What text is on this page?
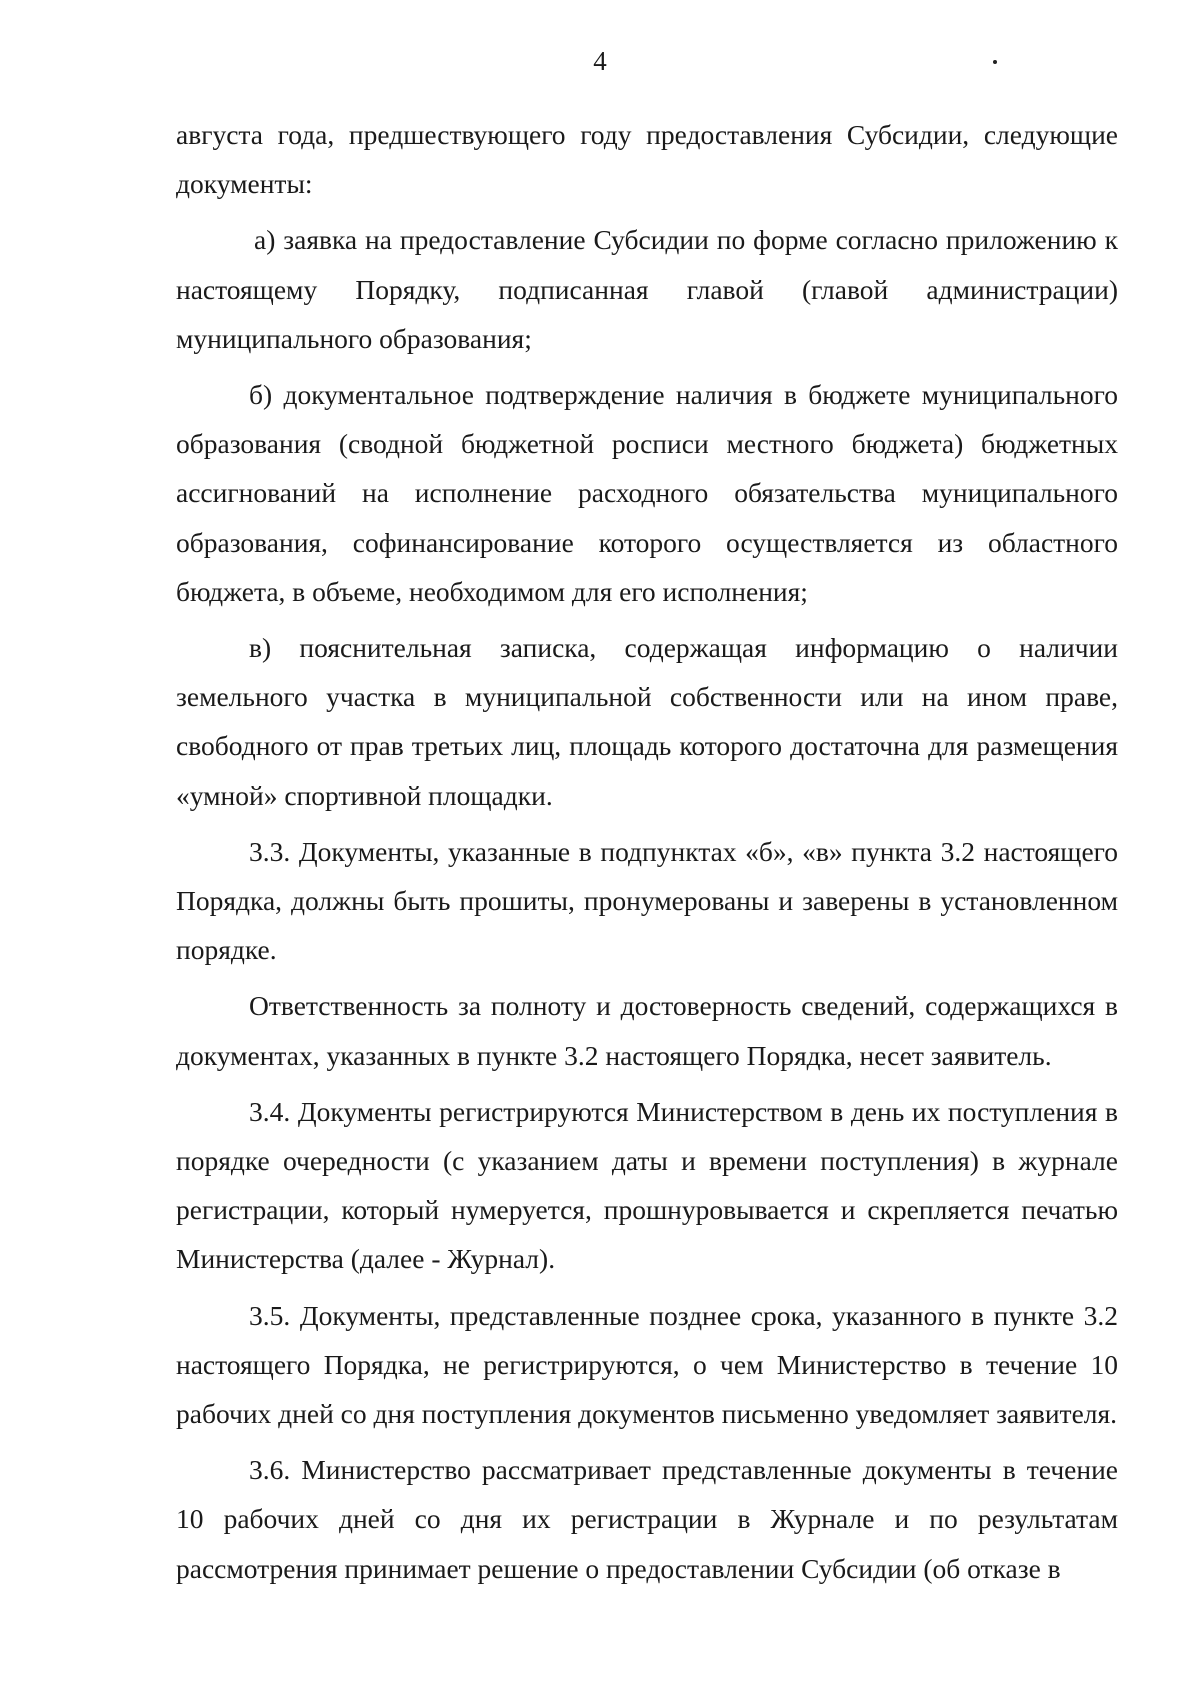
4

августа года, предшествующего году предоставления Субсидии, следующие документы:

а) заявка на предоставление Субсидии по форме согласно приложению к настоящему Порядку, подписанная главой (главой администрации) муниципального образования;

б) документальное подтверждение наличия в бюджете муниципального образования (сводной бюджетной росписи местного бюджета) бюджетных ассигнований на исполнение расходного обязательства муниципального образования, софинансирование которого осуществляется из областного бюджета, в объеме, необходимом для его исполнения;

в) пояснительная записка, содержащая информацию о наличии земельного участка в муниципальной собственности или на ином праве, свободного от прав третьих лиц, площадь которого достаточна для размещения «умной» спортивной площадки.

3.3. Документы, указанные в подпунктах «б», «в» пункта 3.2 настоящего Порядка, должны быть прошиты, пронумерованы и заверены в установленном порядке.

Ответственность за полноту и достоверность сведений, содержащихся в документах, указанных в пункте 3.2 настоящего Порядка, несет заявитель.

3.4. Документы регистрируются Министерством в день их поступления в порядке очередности (с указанием даты и времени поступления) в журнале регистрации, который нумеруется, прошнуровывается и скрепляется печатью Министерства (далее - Журнал).

3.5. Документы, представленные позднее срока, указанного в пункте 3.2 настоящего Порядка, не регистрируются, о чем Министерство в течение 10 рабочих дней со дня поступления документов письменно уведомляет заявителя.

3.6. Министерство рассматривает представленные документы в течение 10 рабочих дней со дня их регистрации в Журнале и по результатам рассмотрения принимает решение о предоставлении Субсидии (об отказе в
